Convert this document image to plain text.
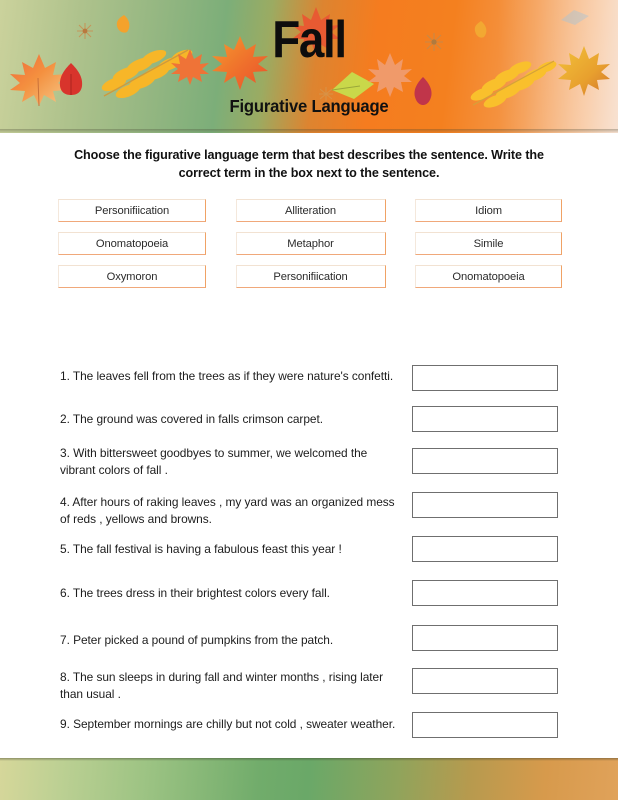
Fall
Figurative Language
Choose the figurative language term that best describes the sentence. Write the correct term in the box next to the sentence.
Personifiication	Alliteration	Idiom
Onomatopoeia	Metaphor	Simile
Oxymoron	Personifiication	Onomatopoeia
1. The leaves fell from the trees as if they were nature's confetti.
2. The ground was covered in falls crimson carpet.
3. With bittersweet goodbyes to summer, we welcomed the vibrant colors of fall .
4. After hours of raking leaves , my yard was an organized mess of reds , yellows and browns.
5. The fall festival is having a fabulous feast this year !
6. The trees dress in their brightest colors every fall.
7. Peter picked a pound of pumpkins from the patch.
8. The sun sleeps in during fall and winter months , rising later than usual .
9. September mornings are chilly but not cold , sweater weather.
